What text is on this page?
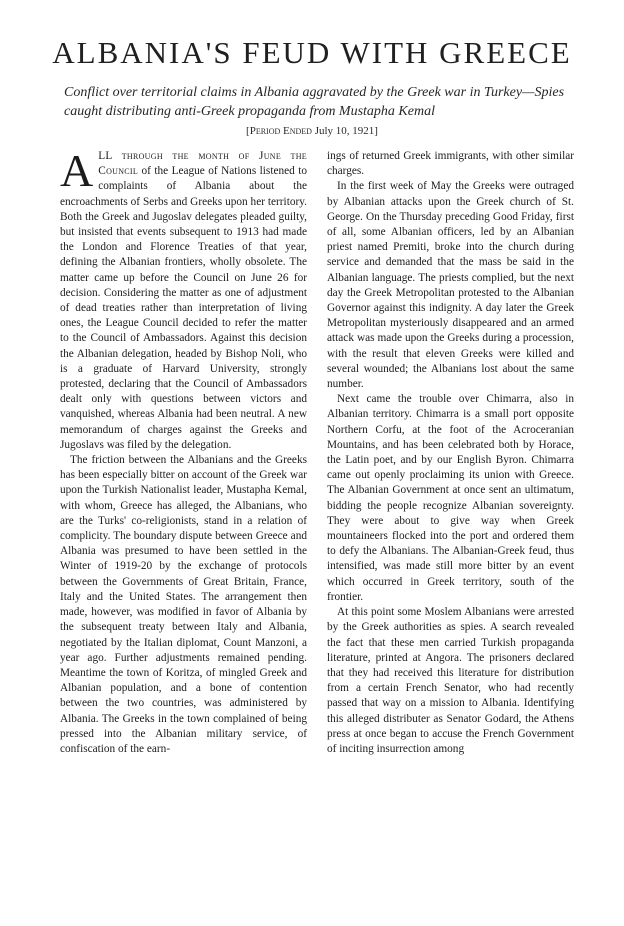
ALBANIA'S FEUD WITH GREECE

Conflict over territorial claims in Albania aggravated by the Greek war in Turkey—Spies caught distributing anti-Greek propaganda from Mustapha Kemal

[Period Ended July 10, 1921]

ALL through the month of June the Council of the League of Nations listened to complaints of Albania about the encroachments of Serbs and Greeks upon her territory. Both the Greek and Jugoslav delegates pleaded guilty, but insisted that events subsequent to 1913 had made the London and Florence Treaties of that year, defining the Albanian frontiers, wholly obsolete. The matter came up before the Council on June 26 for decision. Considering the matter as one of adjustment of dead treaties rather than interpretation of living ones, the League Council decided to refer the matter to the Council of Ambassadors. Against this decision the Albanian delegation, headed by Bishop Noli, who is a graduate of Harvard University, strongly protested, declaring that the Council of Ambassadors dealt only with questions between victors and vanquished, whereas Albania had been neutral. A new memorandum of charges against the Greeks and Jugoslavs was filed by the delegation.

The friction between the Albanians and the Greeks has been especially bitter on account of the Greek war upon the Turkish Nationalist leader, Mustapha Kemal, with whom, Greece has alleged, the Albanians, who are the Turks' co-religionists, stand in a relation of complicity. The boundary dispute between Greece and Albania was presumed to have been settled in the Winter of 1919-20 by the exchange of protocols between the Governments of Great Britain, France, Italy and the United States. The arrangement then made, however, was modified in favor of Albania by the subsequent treaty between Italy and Albania, negotiated by the Italian diplomat, Count Manzoni, a year ago. Further adjustments remained pending. Meantime the town of Koritza, of mingled Greek and Albanian population, and a bone of contention between the two countries, was administered by Albania. The Greeks in the town complained of being pressed into the Albanian military service, of confiscation of the earn-

ings of returned Greek immigrants, with other similar charges.

In the first week of May the Greeks were outraged by Albanian attacks upon the Greek church of St. George. On the Thursday preceding Good Friday, first of all, some Albanian officers, led by an Albanian priest named Premiti, broke into the church during service and demanded that the mass be said in the Albanian language. The priests complied, but the next day the Greek Metropolitan protested to the Albanian Governor against this indignity. A day later the Greek Metropolitan mysteriously disappeared and an armed attack was made upon the Greeks during a procession, with the result that eleven Greeks were killed and several wounded; the Albanians lost about the same number.

Next came the trouble over Chimarra, also in Albanian territory. Chimarra is a small port opposite Northern Corfu, at the foot of the Acroceranian Mountains, and has been celebrated both by Horace, the Latin poet, and by our English Byron. Chimarra came out openly proclaiming its union with Greece. The Albanian Government at once sent an ultimatum, bidding the people recognize Albanian sovereignty. They were about to give way when Greek mountaineers flocked into the port and ordered them to defy the Albanians. The Albanian-Greek feud, thus intensified, was made still more bitter by an event which occurred in Greek territory, south of the frontier.

At this point some Moslem Albanians were arrested by the Greek authorities as spies. A search revealed the fact that these men carried Turkish propaganda literature, printed at Angora. The prisoners declared that they had received this literature for distribution from a certain French Senator, who had recently passed that way on a mission to Albania. Identifying this alleged distributer as Senator Godard, the Athens press at once began to accuse the French Government of inciting insurrection among
